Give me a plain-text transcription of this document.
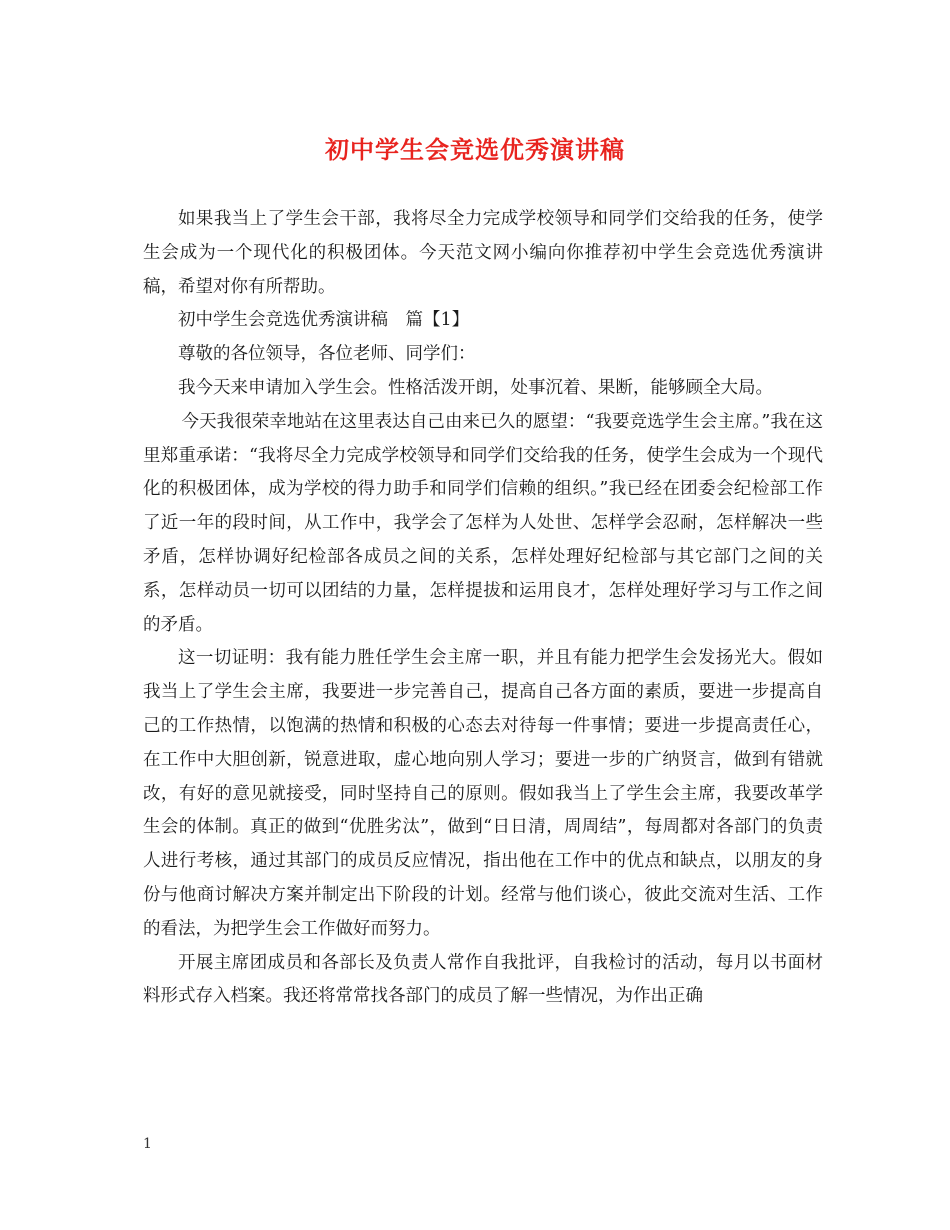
初中学生会竞选优秀演讲稿

如果我当上了学生会干部，我将尽全力完成学校领导和同学们交给我的任务，使学生会成为一个现代化的积极团体。今天范文网小编向你推荐初中学生会竞选优秀演讲稿，希望对你有所帮助。

初中学生会竞选优秀演讲稿　篇【1】

尊敬的各位领导，各位老师、同学们：

我今天来申请加入学生会。性格活泼开朗，处事沉着、果断，能够顾全大局。

今天我很荣幸地站在这里表达自己由来已久的愿望：“我要竞选学生会主席。”我在这里郑重承诺：“我将尽全力完成学校领导和同学们交给我的任务，使学生会成为一个现代化的积极团体，成为学校的得力助手和同学们信赖的组织。”我已经在团委会纪检部工作了近一年的段时间，从工作中，我学会了怎样为人处世、怎样学会忍耐，怎样解决一些矛盾，怎样协调好纪检部各成员之间的关系，怎样处理好纪检部与其它部门之间的关系，怎样动员一切可以团结的力量，怎样提拔和运用良才，怎样处理好学习与工作之间的矛盾。

这一切证明：我有能力胜任学生会主席一职，并且有能力把学生会发扬光大。假如我当上了学生会主席，我要进一步完善自己，提高自己各方面的素质，要进一步提高自己的工作热情，以饱满的热情和积极的心态去对待每一件事情；要进一步提高责任心，在工作中大胆创新，锐意进取，虚心地向别人学习；要进一步的广纳贤言，做到有错就改，有好的意见就接受，同时坚持自己的原则。假如我当上了学生会主席，我要改革学生会的体制。真正的做到“优胜劣汰”，做到“日日清，周周结”，每周都对各部门的负责人进行考核，通过其部门的成员反应情况，指出他在工作中的优点和缺点，以朋友的身份与他商讨解决方案并制定出下阶段的计划。经常与他们谈心，彼此交流对生活、工作的看法，为把学生会工作做好而努力。

开展主席团成员和各部长及负责人常作自我批评，自我检讨的活动，每月以书面材料形式存入档案。我还将常常找各部门的成员了解一些情况，为作出正确

1
